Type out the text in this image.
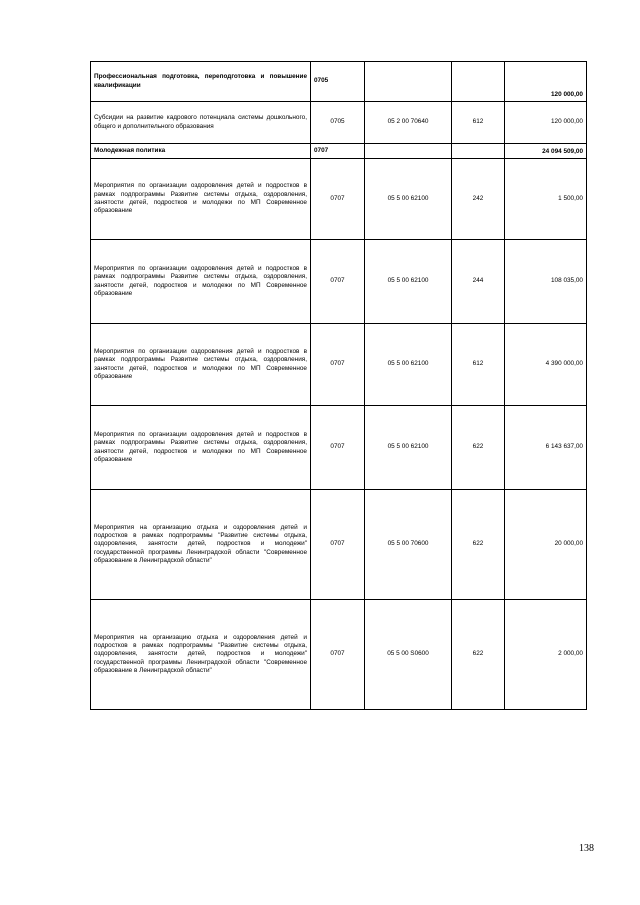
Профессиональная подготовка, переподготовка и повышение квалификации	0705			120 000,00
Субсидии на развитие кадрового потенциала системы дошкольного, общего и дополнительного образования	0705	05 2 00 70640	612	120 000,00
Молодежная политика	0707			24 094 509,00
Мероприятия по организации оздоровления детей и подростков в рамках подпрограммы Развитие системы отдыха, оздоровления, занятости детей, подростков и молодежи по МП Современное образование	0707	05 5 00 62100	242	1 500,00
Мероприятия по организации оздоровления детей и подростков в рамках подпрограммы Развитие системы отдыха, оздоровления, занятости детей, подростков и молодежи по МП Современное образование	0707	05 5 00 62100	244	108 035,00
Мероприятия по организации оздоровления детей и подростков в рамках подпрограммы Развитие системы отдыха, оздоровления, занятости детей, подростков и молодежи по МП Современное образование	0707	05 5 00 62100	612	4 390 000,00
Мероприятия по организации оздоровления детей и подростков в рамках подпрограммы Развитие системы отдыха, оздоровления, занятости детей, подростков и молодежи по МП Современное образование	0707	05 5 00 62100	622	6 143 637,00
Мероприятия на организацию отдыха и оздоровления детей и подростков в рамках подпрограммы "Развитие системы отдыха, оздоровления, занятости детей, подростков и молодежи" государственной программы Ленинградской области "Современное образование в Ленинградской области"	0707	05 5 00 70600	622	20 000,00
Мероприятия на организацию отдыха и оздоровления детей и подростков в рамках подпрограммы "Развитие системы отдыха, оздоровления, занятости детей, подростков и молодежи" государственной программы Ленинградской области "Современное образование в Ленинградской области"	0707	05 5 00 S0600	622	2 000,00
138
